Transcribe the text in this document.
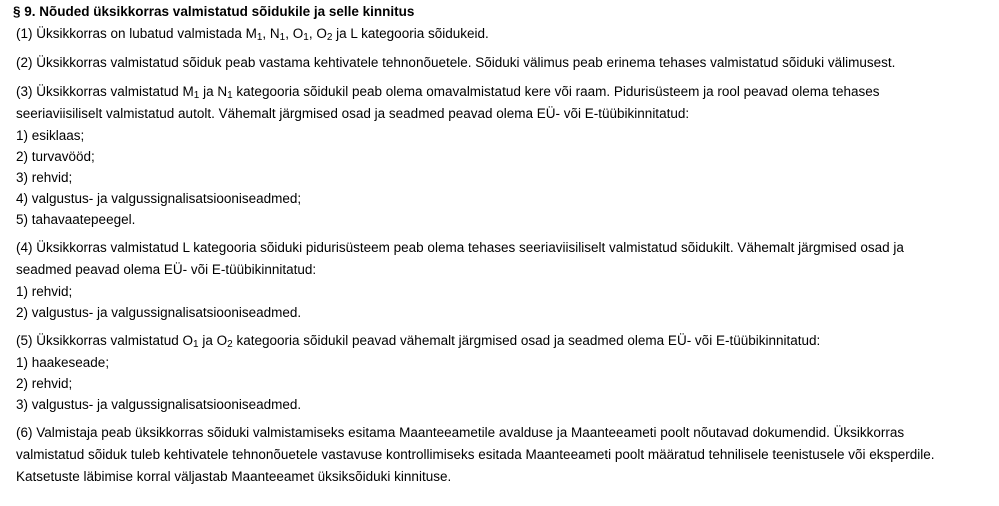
§ 9. Nõuded üksikkorras valmistatud sõidukile ja selle kinnitus
(1) Üksikkorras on lubatud valmistada $M_1$, $N_1$, $O_1$, $O_2$ ja L kategooria sõidukeid.
(2) Üksikkorras valmistatud sõiduk peab vastama kehtivatele tehnonõuetele. Sõiduki välimus peab erinema tehases valmistatud sõiduki välimusest.
(3) Üksikkorras valmistatud $M_1$ ja $N_1$ kategooria sõidukil peab olema omavalmistatud kere või raam. Pidurisüsteem ja rool peavad olema tehases
seeriaviisiliselt valmistatud autolt. Vähemalt järgmised osad ja seadmed peavad olema EÜ- või E-tüübikinnitatud:
1) esiklaas;
2) turvavööd;
3) rehvid;
4) valgustus- ja valgussignalisatsiooniseadmed;
5) tahavaatepeegel.
(4) Üksikkorras valmistatud L kategooria sõiduki pidurisüsteem peab olema tehases seeriaviisiliselt valmistatud sõidukilt. Vähemalt järgmised osad ja
seadmed peavad olema EÜ- või E-tüübikinnitatud:
1) rehvid;
2) valgustus- ja valgussignalisatsiooniseadmed.
(5) Üksikkorras valmistatud $O_1$ ja $O_2$ kategooria sõidukil peavad vähemalt järgmised osad ja seadmed olema EÜ- või E-tüübikinnitatud:
1) haakeseade;
2) rehvid;
3) valgustus- ja valgussignalisatsiooniseadmed.
(6) Valmistaja peab üksikkorras sõiduki valmistamiseks esitama Maanteeametile avalduse ja Maanteeameti poolt nõutavad dokumendid. Üksikkorras
valmistatud sõiduk tuleb kehtivatele tehnonõuetele vastavuse kontrollimiseks esitada Maanteeameti poolt määratud tehnilisele teenistusele või eksperdile.
Katsetuste läbimise korral väljastab Maanteeamet üksiksõiduki kinnituse.
